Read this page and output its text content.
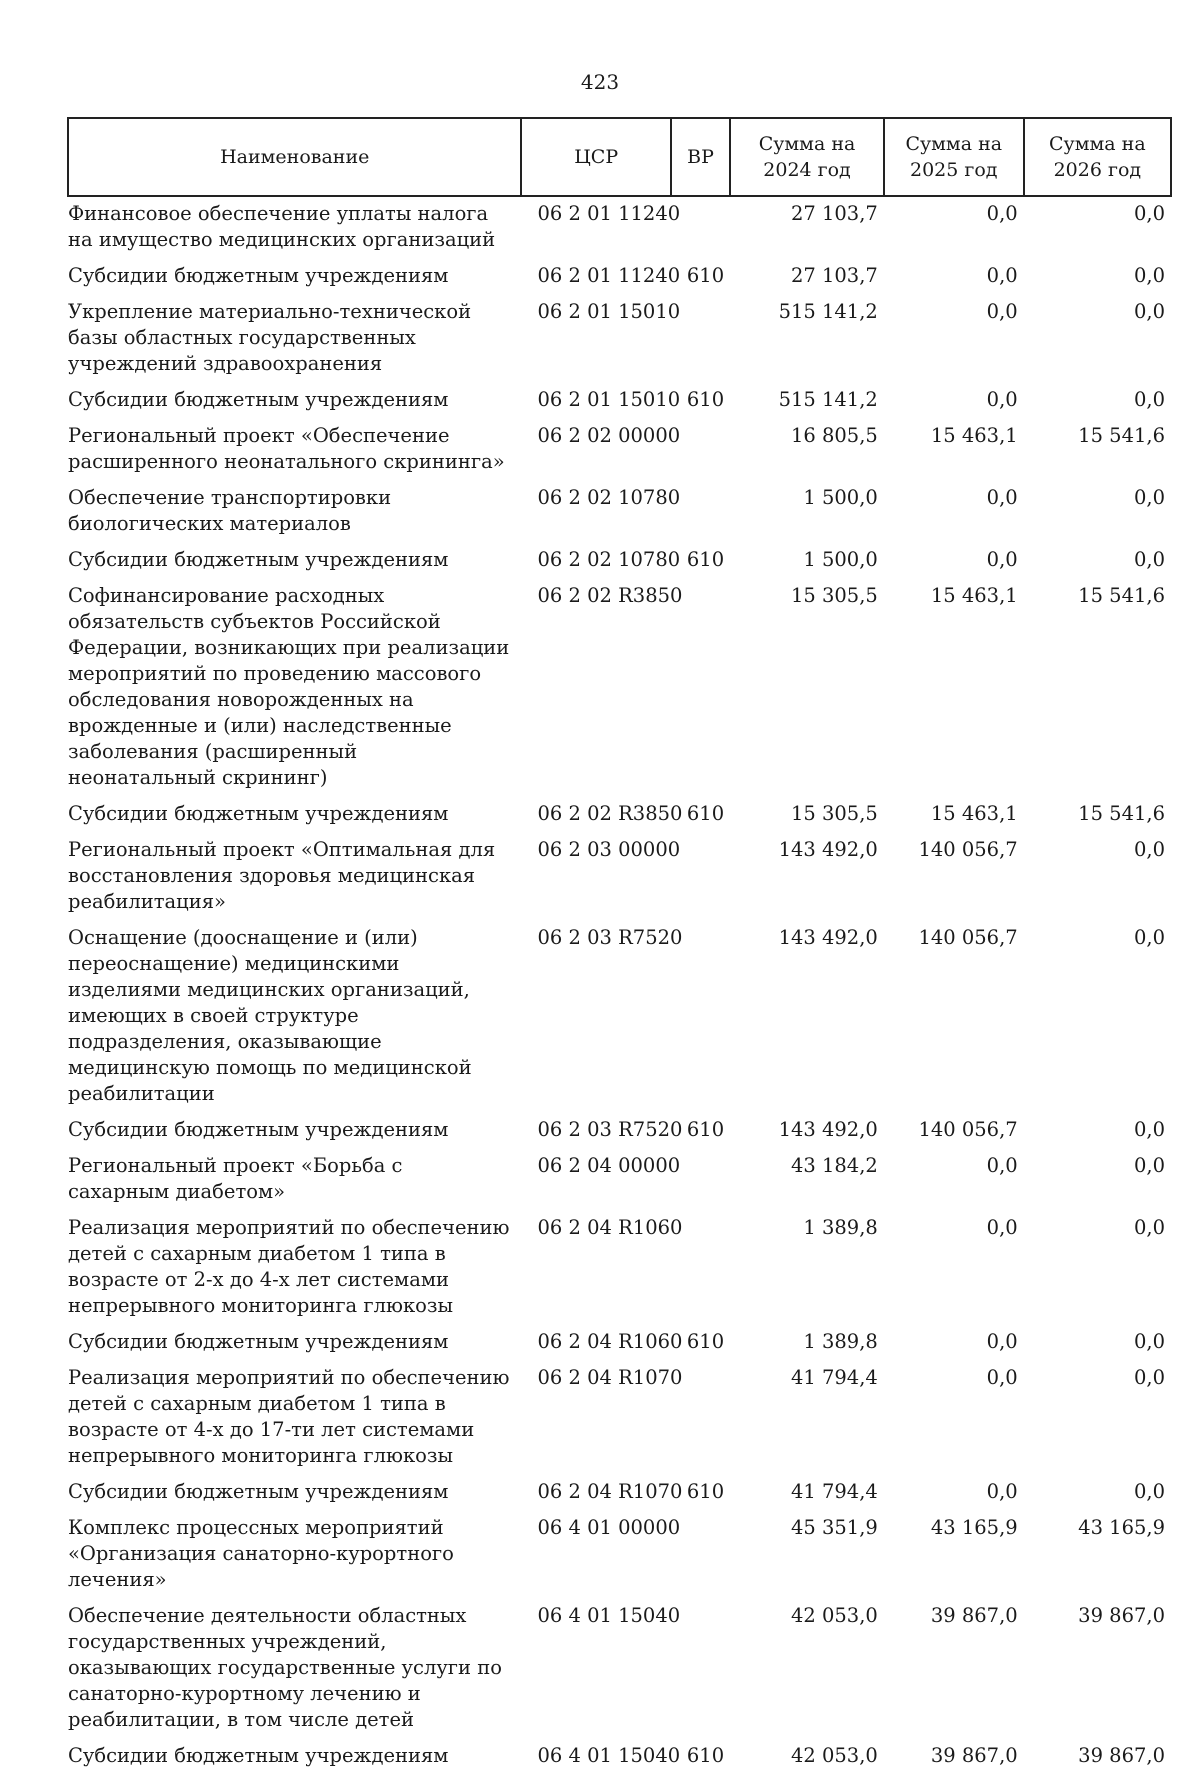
423
Наименование	ЦСР	ВР	Сумма на 2024 год	Сумма на 2025 год	Сумма на 2026 год
Финансовое обеспечение уплаты налога на имущество медицинских организаций	06 2 01 11240		27 103,7	0,0	0,0
Субсидии бюджетным учреждениям	06 2 01 11240	610	27 103,7	0,0	0,0
Укрепление материально-технической базы областных государственных учреждений здравоохранения	06 2 01 15010		515 141,2	0,0	0,0
Субсидии бюджетным учреждениям	06 2 01 15010	610	515 141,2	0,0	0,0
Региональный проект «Обеспечение расширенного неонатального скрининга»	06 2 02 00000		16 805,5	15 463,1	15 541,6
Обеспечение транспортировки биологических материалов	06 2 02 10780		1 500,0	0,0	0,0
Субсидии бюджетным учреждениям	06 2 02 10780	610	1 500,0	0,0	0,0
Софинансирование расходных обязательств субъектов Российской Федерации, возникающих при реализации мероприятий по проведению массового обследования новорожденных на врожденные и (или) наследственные заболевания (расширенный неонатальный скрининг)	06 2 02 R3850		15 305,5	15 463,1	15 541,6
Субсидии бюджетным учреждениям	06 2 02 R3850	610	15 305,5	15 463,1	15 541,6
Региональный проект «Оптимальная для восстановления здоровья медицинская реабилитация»	06 2 03 00000		143 492,0	140 056,7	0,0
Оснащение (дооснащение и (или) переоснащение) медицинскими изделиями медицинских организаций, имеющих в своей структуре подразделения, оказывающие медицинскую помощь по медицинской реабилитации	06 2 03 R7520		143 492,0	140 056,7	0,0
Субсидии бюджетным учреждениям	06 2 03 R7520	610	143 492,0	140 056,7	0,0
Региональный проект «Борьба с сахарным диабетом»	06 2 04 00000		43 184,2	0,0	0,0
Реализация мероприятий по обеспечению детей с сахарным диабетом 1 типа в возрасте от 2-х до 4-х лет системами непрерывного мониторинга глюкозы	06 2 04 R1060		1 389,8	0,0	0,0
Субсидии бюджетным учреждениям	06 2 04 R1060	610	1 389,8	0,0	0,0
Реализация мероприятий по обеспечению детей с сахарным диабетом 1 типа в возрасте от 4-х до 17-ти лет системами непрерывного мониторинга глюкозы	06 2 04 R1070		41 794,4	0,0	0,0
Субсидии бюджетным учреждениям	06 2 04 R1070	610	41 794,4	0,0	0,0
Комплекс процессных мероприятий «Организация санаторно-курортного лечения»	06 4 01 00000		45 351,9	43 165,9	43 165,9
Обеспечение деятельности областных государственных учреждений, оказывающих государственные услуги по санаторно-курортному лечению и реабилитации, в том числе детей	06 4 01 15040		42 053,0	39 867,0	39 867,0
Субсидии бюджетным учреждениям	06 4 01 15040	610	42 053,0	39 867,0	39 867,0
